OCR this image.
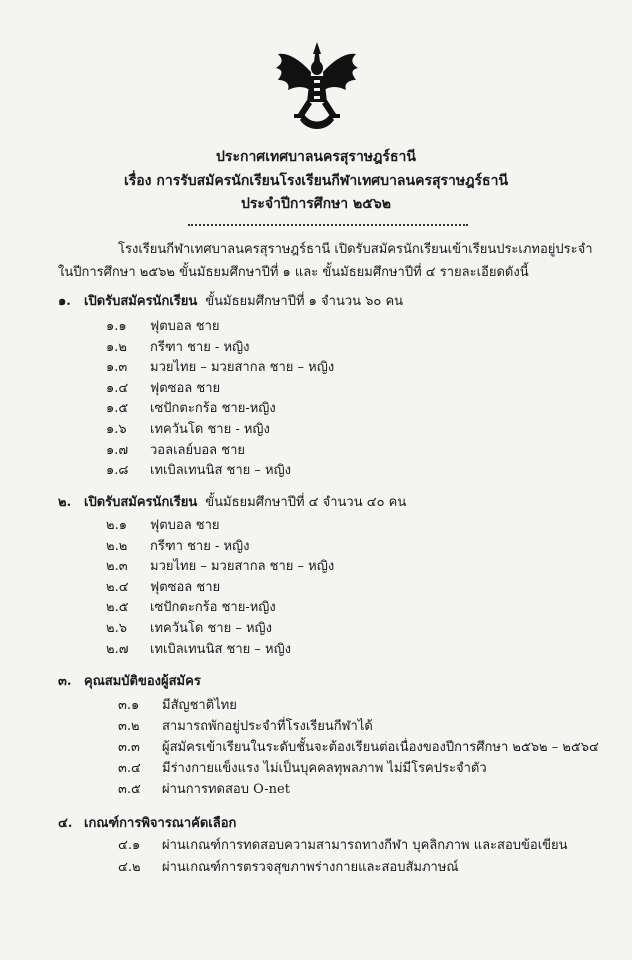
ประกาศเทศบาลนครสุราษฎร์ธานี
เรื่อง การรับสมัครนักเรียนโรงเรียนกีฬาเทศบาลนครสุราษฎร์ธานี
ประจำปีการศึกษา ๒๕๖๒
โรงเรียนกีฬาเทศบาลนครสุราษฎร์ธานี เปิดรับสมัครนักเรียนเข้าเรียนประเภทอยู่ประจำ
ในปีการศึกษา ๒๕๖๒ ขั้นมัธยมศึกษาปีที่ ๑ และ ขั้นมัธยมศึกษาปีที่ ๔ รายละเอียดดังนี้
๑. เปิดรับสมัครนักเรียน ขั้นมัธยมศึกษาปีที่ ๑ จำนวน ๖๐ คน
๑.๑ ฟุตบอล ชาย
๑.๒ กรีฑา ชาย - หญิง
๑.๓ มวยไทย – มวยสากล ชาย – หญิง
๑.๔ ฟุตซอล ชาย
๑.๕ เซปักตะกร้อ ชาย-หญิง
๑.๖ เทควันโด ชาย - หญิง
๑.๗ วอลเลย์บอล ชาย
๑.๘ เทเบิลเทนนิส ชาย – หญิง
๒. เปิดรับสมัครนักเรียน ขั้นมัธยมศึกษาปีที่ ๔ จำนวน ๔๐ คน
๒.๑ ฟุตบอล ชาย
๒.๒ กรีฑา ชาย - หญิง
๒.๓ มวยไทย – มวยสากล ชาย – หญิง
๒.๔ ฟุตซอล ชาย
๒.๕ เซปักตะกร้อ ชาย-หญิง
๒.๖ เทควันโด ชาย – หญิง
๒.๗ เทเบิลเทนนิส ชาย – หญิง
๓. คุณสมบัติของผู้สมัคร
๓.๑ มีสัญชาติไทย
๓.๒ สามารถพักอยู่ประจำที่โรงเรียนกีฬาได้
๓.๓ ผู้สมัครเข้าเรียนในระดับชั้นจะต้องเรียนต่อเนื่องของปีการศึกษา ๒๕๖๒ – ๒๕๖๔
๓.๔ มีร่างกายแข็งแรง ไม่เป็นบุคคลทุพลภาพ ไม่มีโรคประจำตัว
๓.๕ ผ่านการทดสอบ O-net
๔. เกณฑ์การพิจารณาคัดเลือก
๔.๑ ผ่านเกณฑ์การทดสอบความสามารถทางกีฬา บุคลิกภาพ และสอบข้อเขียน
๔.๒ ผ่านเกณฑ์การตรวจสุขภาพร่างกายและสอบสัมภาษณ์
